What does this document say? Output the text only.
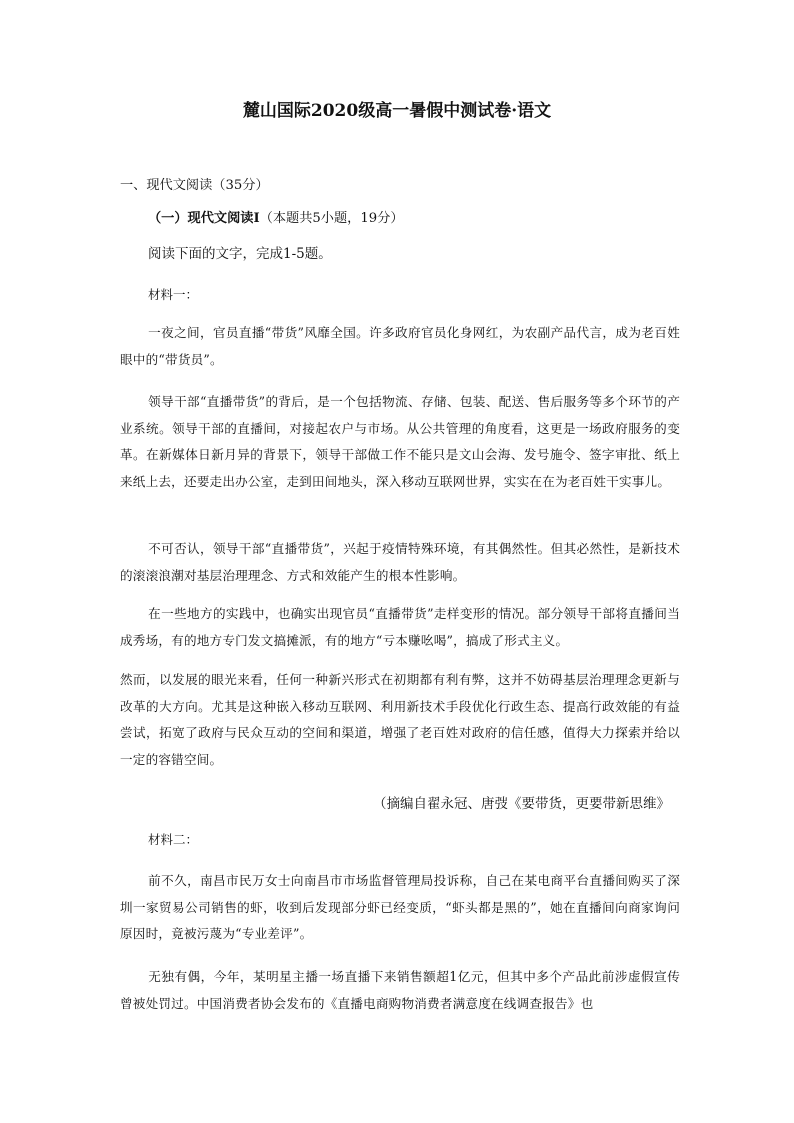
麓山国际2020级高一暑假中测试卷·语文
一、现代文阅读（35分）
（一）现代文阅读Ⅰ（本题共5小题，19分）
阅读下面的文字，完成1-5题。
材料一：
一夜之间，官员直播“带货”风靡全国。许多政府官员化身网红，为农副产品代言，成为老百姓眼中的“带货员”。
领导干部“直播带货”的背后，是一个包括物流、存储、包装、配送、售后服务等多个环节的产业系统。领导干部的直播间，对接起农户与市场。从公共管理的角度看，这更是一场政府服务的变革。在新媒体日新月异的背景下，领导干部做工作不能只是文山会海、发号施令、签字审批、纸上来纸上去，还要走出办公室，走到田间地头，深入移动互联网世界，实实在在为老百姓干实事儿。
不可否认，领导干部“直播带货”，兴起于疫情特殊环境，有其偶然性。但其必然性，是新技术的滚滚浪潮对基层治理理念、方式和效能产生的根本性影响。
在一些地方的实践中，也确实出现官员“直播带货”走样变形的情况。部分领导干部将直播间当成秀场，有的地方专门发文搞摊派，有的地方“亏本赚吆喝”，搞成了形式主义。
然而，以发展的眼光来看，任何一种新兴形式在初期都有利有弊，这并不妨碍基层治理理念更新与改革的大方向。尤其是这种嵌入移动互联网、利用新技术手段优化行政生态、提高行政效能的有益尝试，拓宽了政府与民众互动的空间和渠道，增强了老百姓对政府的信任感，值得大力探索并给以一定的容错空间。
（摘编自翟永冠、唐弢《要带货，更要带新思维》
材料二：
前不久，南昌市民万女士向南昌市市场监督管理局投诉称，自己在某电商平台直播间购买了深圳一家贸易公司销售的虾，收到后发现部分虾已经变质，“虾头都是黑的”，她在直播间向商家询问原因时，竟被污蔑为“专业差评”。
无独有偶，今年，某明星主播一场直播下来销售额超1亿元，但其中多个产品此前涉虚假宣传曾被处罚过。中国消费者协会发布的《直播电商购物消费者满意度在线调查报告》也
